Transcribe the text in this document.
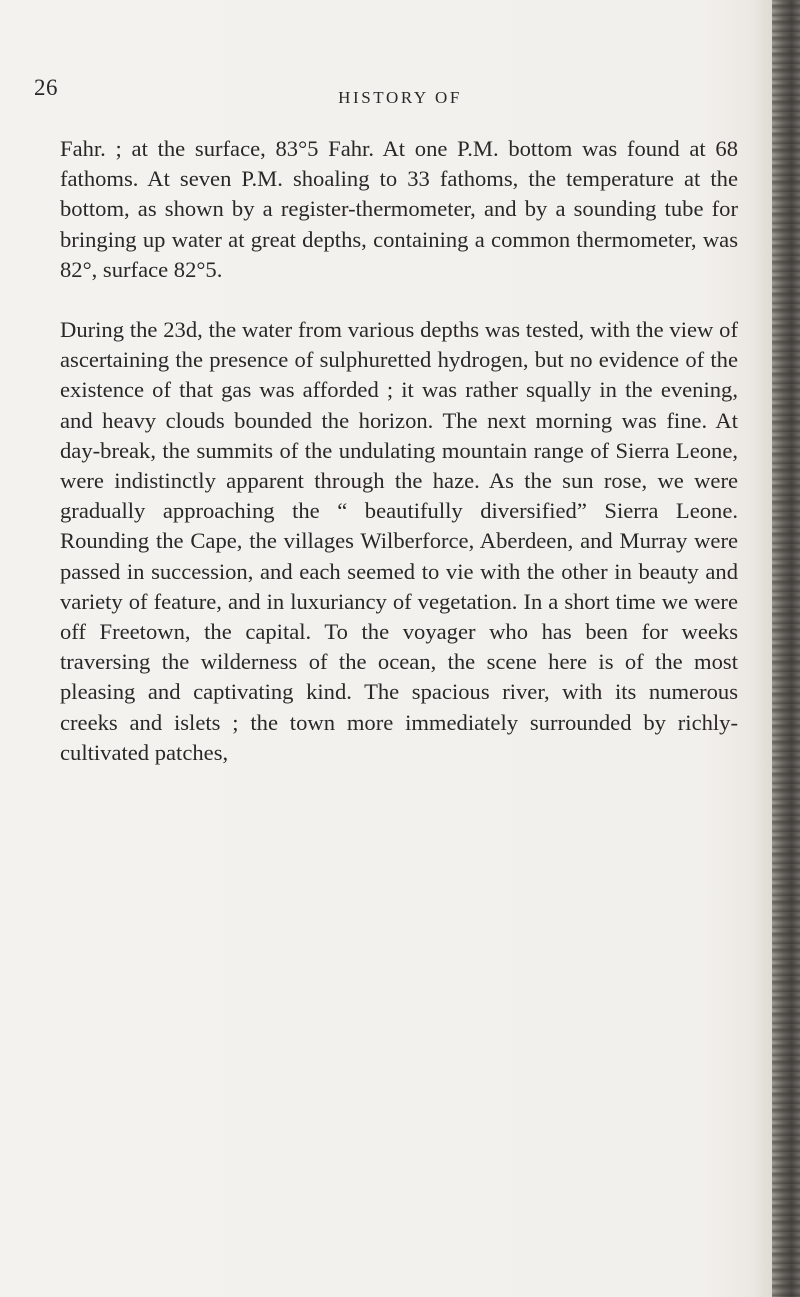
26	HISTORY OF

Fahr. ; at the surface, 83°5 Fahr. At one P.M. bottom was found at 68 fathoms. At seven P.M. shoaling to 33 fathoms, the temperature at the bottom, as shown by a register-thermometer, and by a sounding tube for bringing up water at great depths, containing a common thermometer, was 82°, surface 82°5.

During the 23d, the water from various depths was tested, with the view of ascertaining the presence of sulphuretted hydrogen, but no evidence of the existence of that gas was afforded ; it was rather squally in the evening, and heavy clouds bounded the horizon. The next morning was fine. At day-break, the summits of the undulating mountain range of Sierra Leone, were indistinctly apparent through the haze. As the sun rose, we were gradually approaching the “ beautifully diversified” Sierra Leone. Rounding the Cape, the villages Wilberforce, Aberdeen, and Murray were passed in succession, and each seemed to vie with the other in beauty and variety of feature, and in luxuriancy of vegetation. In a short time we were off Freetown, the capital. To the voyager who has been for weeks traversing the wilderness of the ocean, the scene here is of the most pleasing and captivating kind. The spacious river, with its numerous creeks and islets ; the town more immediately surrounded by richly-cultivated patches,
